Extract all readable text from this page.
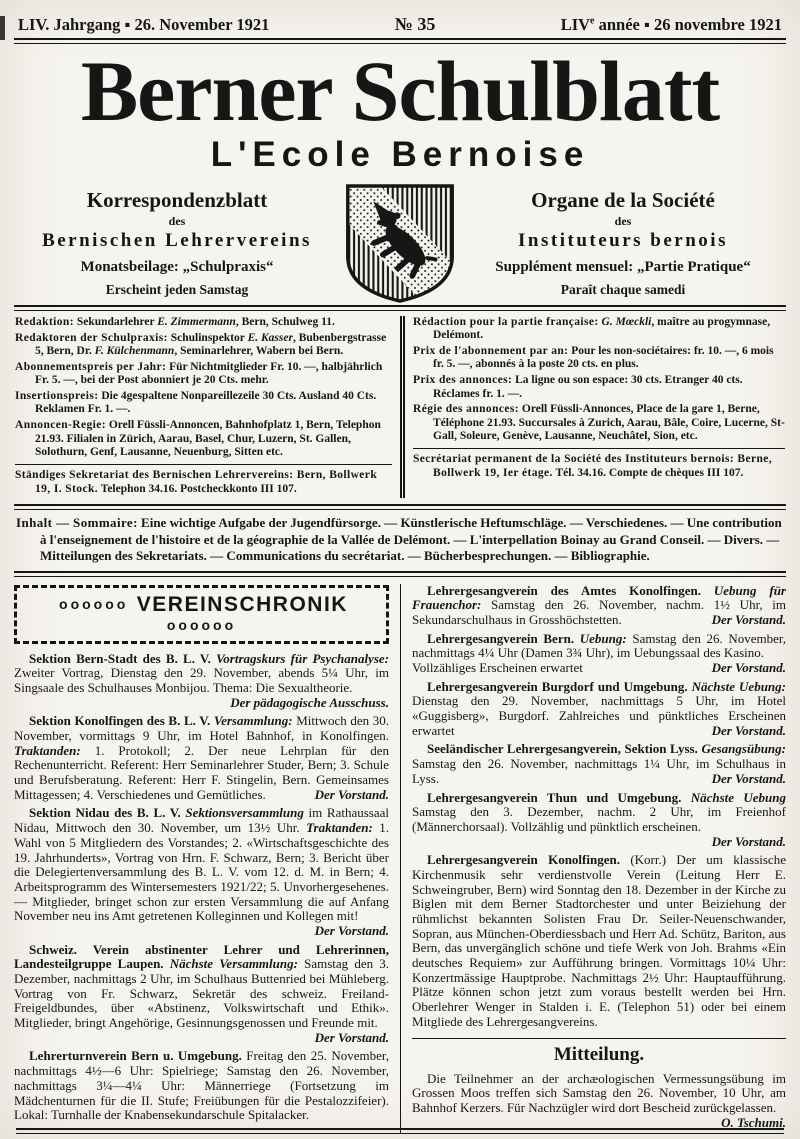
LIV. Jahrgang ▪ 26. November 1921	№ 35	LIVe année ▪ 26 novembre 1921
Berner Schulblatt
L'Ecole Bernoise
Korrespondenzblatt
des
Bernischen Lehrervereins
Monatsbeilage: „Schulpraxis“
Erscheint jeden Samstag
Organe de la Société
des
Instituteurs bernois
Supplément mensuel: „Partie Pratique“
Paraît chaque samedi

Redaktion: Sekundarlehrer E. Zimmermann, Bern, Schulweg 11.

Redaktoren der Schulpraxis: Schulinspektor E. Kasser, Bubenbergstrasse 5, Bern, Dr. F. Külchenmann, Seminarlehrer, Wabern bei Bern.

Abonnementspreis per Jahr: Für Nichtmitglieder Fr. 10. —, halbjährlich Fr. 5. —, bei der Post abonniert je 20 Cts. mehr.

Insertionspreis: Die 4gespaltene Nonpareillezeile 30 Cts. Ausland 40 Cts. Reklamen Fr. 1. —.

Annoncen-Regie: Orell Füssli-Annoncen, Bahnhofplatz 1, Bern, Telephon 21.93. Filialen in Zürich, Aarau, Basel, Chur, Luzern, St. Gallen, Solothurn, Genf, Lausanne, Neuenburg, Sitten etc.

Ständiges Sekretariat des Bernischen Lehrervereins: Bern, Bollwerk 19, I. Stock. Telephon 34.16. Postcheckkonto III 107.

Rédaction pour la partie française: G. Mœckli, maître au progymnase, Delémont.

Prix de l'abonnement par an: Pour les non-sociétaires: fr. 10. —, 6 mois fr. 5. —, abonnés à la poste 20 cts. en plus.

Prix des annonces: La ligne ou son espace: 30 cts. Etranger 40 cts. Réclames fr. 1. —.

Régie des annonces: Orell Füssli-Annonces, Place de la gare 1, Berne, Téléphone 21.93. Succursales à Zurich, Aarau, Bâle, Coire, Lucerne, St-Gall, Soleure, Genève, Lausanne, Neuchâtel, Sion, etc.

Secrétariat permanent de la Société des Instituteurs bernois: Berne, Bollwerk 19, Ier étage. Tél. 34.16. Compte de chèques III 107.

Inhalt — Sommaire: Eine wichtige Aufgabe der Jugendfürsorge. — Künstlerische Heftumschläge. — Verschiedenes. — Une contribution à l'enseignement de l'histoire et de la géographie de la Vallée de Delémont. — L'interpellation Boinay au Grand Conseil. — Divers. — Mitteilungen des Sekretariats. — Communications du secrétariat. — Bücherbesprechungen. — Bibliographie.
oooooo VEREINSCHRONIK oooooo

Sektion Bern-Stadt des B. L. V. Vortragskurs für Psychanalyse: Zweiter Vortrag, Dienstag den 29. November, abends 5¼ Uhr, im Singsaale des Schulhauses Monbijou. Thema: Die Sexualtheorie.
Der pädagogische Ausschuss.

Sektion Konolfingen des B. L. V. Versammlung: Mittwoch den 30. November, vormittags 9 Uhr, im Hotel Bahnhof, in Konolfingen. Traktanden: 1. Protokoll; 2. Der neue Lehrplan für den Rechenunterricht. Referent: Herr Seminarlehrer Studer, Bern; 3. Schule und Berufsberatung. Referent: Herr F. Stingelin, Bern. Gemeinsames Mittagessen; 4. Verschiedenes und Gemütliches.	Der Vorstand.

Sektion Nidau des B. L. V. Sektionsversammlung im Rathaussaal Nidau, Mittwoch den 30. November, um 13½ Uhr. Traktanden: 1. Wahl von 5 Mitgliedern des Vorstandes; 2. «Wirtschaftsgeschichte des 19. Jahrhunderts», Vortrag von Hrn. F. Schwarz, Bern; 3. Bericht über die Delegiertenversammlung des B. L. V. vom 12. d. M. in Bern; 4. Arbeitsprogramm des Wintersemesters 1921/22; 5. Unvorhergesehenes. — Mitglieder, bringet schon zur ersten Versammlung die auf Anfang November neu ins Amt getretenen Kolleginnen und Kollegen mit!
Der Vorstand.

Schweiz. Verein abstinenter Lehrer und Lehrerinnen, Landesteilgruppe Laupen. Nächste Versammlung: Samstag den 3. Dezember, nachmittags 2 Uhr, im Schulhaus Buttenried bei Mühleberg. Vortrag von Fr. Schwarz, Sekretär des schweiz. Freiland-Freigeldbundes, über «Abstinenz, Volkswirtschaft und Ethik». Mitglieder, bringt Angehörige, Gesinnungsgenossen und Freunde mit.
Der Vorstand.

Lehrerturnverein Bern u. Umgebung. Freitag den 25. November, nachmittags 4½—6 Uhr: Spielriege; Samstag den 26. November, nachmittags 3¼—4¼ Uhr: Männerriege (Fortsetzung im Mädchenturnen für die II. Stufe; Freiübungen für die Pestalozzifeier). Lokal: Turnhalle der Knabensekundarschule Spitalacker.

Lehrergesangverein des Amtes Konolfingen. Uebung für Frauenchor: Samstag den 26. November, nachm. 1½ Uhr, im Sekundarschulhaus in Grosshöchstetten.	Der Vorstand.

Lehrergesangverein Bern. Uebung: Samstag den 26. November, nachmittags 4¼ Uhr (Damen 3¾ Uhr), im Uebungssaal des Kasino.
Vollzähliges Erscheinen erwartet	Der Vorstand.

Lehrergesangverein Burgdorf und Umgebung. Nächste Uebung: Dienstag den 29. November, nachmittags 5 Uhr, im Hotel «Guggisberg», Burgdorf. Zahlreiches und pünktliches Erscheinen erwartet	Der Vorstand.

Seeländischer Lehrergesangverein, Sektion Lyss. Gesangsübung: Samstag den 26. November, nachmittags 1¼ Uhr, im Schulhaus in Lyss.	Der Vorstand.

Lehrergesangverein Thun und Umgebung. Nächste Uebung Samstag den 3. Dezember, nachm. 2 Uhr, im Freienhof (Männerchorsaal). Vollzählig und pünktlich erscheinen.
Der Vorstand.

Lehrergesangverein Konolfingen. (Korr.) Der um klassische Kirchenmusik sehr verdienstvolle Verein (Leitung Herr E. Schweingruber, Bern) wird Sonntag den 18. Dezember in der Kirche zu Biglen mit dem Berner Stadtorchester und unter Beiziehung der rühmlichst bekannten Solisten Frau Dr. Seiler-Neuenschwander, Sopran, aus München-Oberdiessbach und Herr Ad. Schütz, Bariton, aus Bern, das unvergänglich schöne und tiefe Werk von Joh. Brahms «Ein deutsches Requiem» zur Aufführung bringen. Vormittags 10¼ Uhr: Konzertmässige Hauptprobe. Nachmittags 2½ Uhr: Hauptaufführung. Plätze können schon jetzt zum voraus bestellt werden bei Hrn. Oberlehrer Wenger in Stalden i. E. (Telephon 51) oder bei einem Mitgliede des Lehrergesangvereins.

Mitteilung.

Die Teilnehmer an der archæologischen Vermessungsübung im Grossen Moos treffen sich Samstag den 26. November, 10 Uhr, am Bahnhof Kerzers. Für Nachzügler wird dort Bescheid zurückgelassen.
O. Tschumi.
